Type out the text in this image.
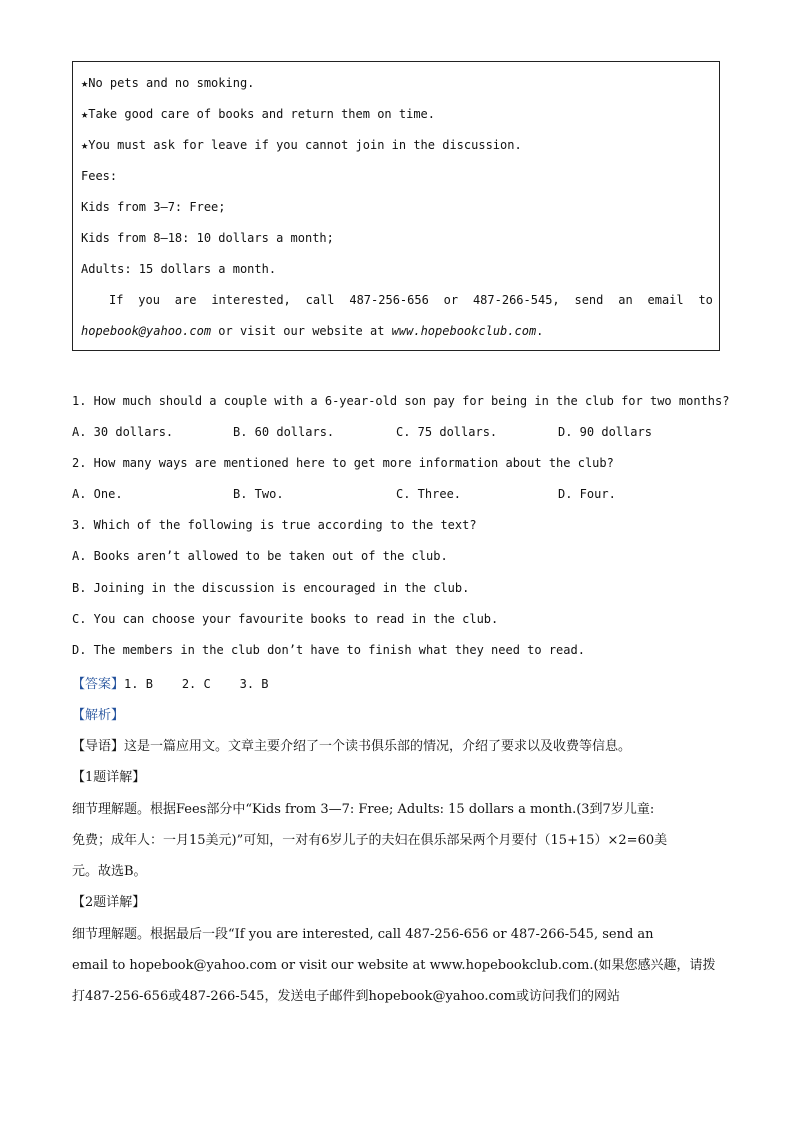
★No pets and no smoking.
★Take good care of books and return them on time.
★You must ask for leave if you cannot join in the discussion.
Fees:
Kids from 3—7: Free;
Kids from 8—18: 10 dollars a month;
Adults: 15 dollars a month.
If you are interested, call 487-256-656 or 487-266-545, send an email to
hopebook@yahoo.com or visit our website at www.hopebookclub.com.
1. How much should a couple with a 6-year-old son pay for being in the club for two months?
A. 30 dollars.	B. 60 dollars.	C. 75 dollars.	D. 90 dollars
2. How many ways are mentioned here to get more information about the club?
A. One.	B. Two.	C. Three.	D. Four.
3. Which of the following is true according to the text?
A. Books aren’t allowed to be taken out of the club.
B. Joining in the discussion is encouraged in the club.
C. You can choose your favourite books to read in the club.
D. The members in the club don’t have to finish what they need to read.
【答案】1. B    2. C    3. B
【解析】
【导语】这是一篇应用文。文章主要介绍了一个读书俱乐部的情况，介绍了要求以及收费等信息。
【1题详解】
细节理解题。根据Fees部分中“Kids from 3—7: Free; Adults: 15 dollars a month.(3到7岁儿童:
免费；成年人：一月15美元)”可知，一对有6岁儿子的夫妇在俱乐部呆两个月要付（15+15）×2=60美
元。故选B。
【2题详解】
细节理解题。根据最后一段“If you are interested, call 487-256-656 or 487-266-545, send an
email to hopebook@yahoo.com or visit our website at www.hopebookclub.com.(如果您感兴趣，请拨
打487-256-656或487-266-545，发送电子邮件到hopebook@yahoo.com或访问我们的网站
